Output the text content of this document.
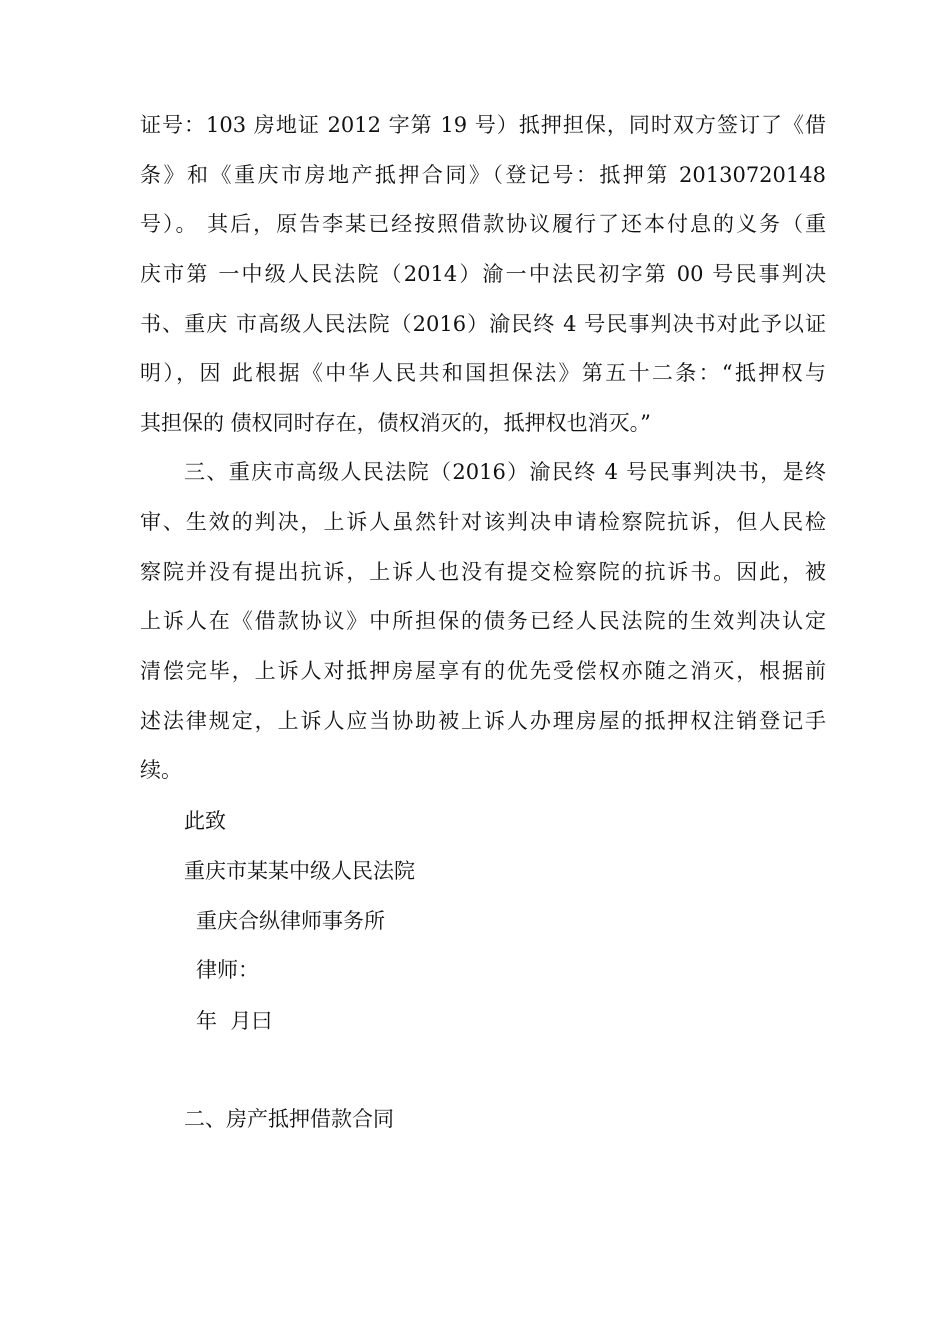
证号：103 房地证 2012 字第 19 号）抵押担保，同时双方签订了《借

条》和《重庆市房地产抵押合同》（登记号：抵押第 20130720148

号）。 其后，原告李某已经按照借款协议履行了还本付息的义务（重

庆市第 一中级人民法院（2014）渝一中法民初字第 00 号民事判决

书、重庆 市高级人民法院（2016）渝民终 4 号民事判决书对此予以证

明），因 此根据《中华人民共和国担保法》第五十二条：“抵押权与

其担保的 债权同时存在，债权消灭的，抵押权也消灭。”

三、重庆市高级人民法院（2016）渝民终 4 号民事判决书，是终

审、生效的判决，上诉人虽然针对该判决申请检察院抗诉，但人民检

察院并没有提出抗诉，上诉人也没有提交检察院的抗诉书。因此，被

上诉人在《借款协议》中所担保的债务已经人民法院的生效判决认定

清偿完毕，上诉人对抵押房屋享有的优先受偿权亦随之消灭，根据前

述法律规定，上诉人应当协助被上诉人办理房屋的抵押权注销登记手

续。

此致

重庆市某某中级人民法院

重庆合纵律师事务所

律师：

年  月曰

二、房产抵押借款合同
